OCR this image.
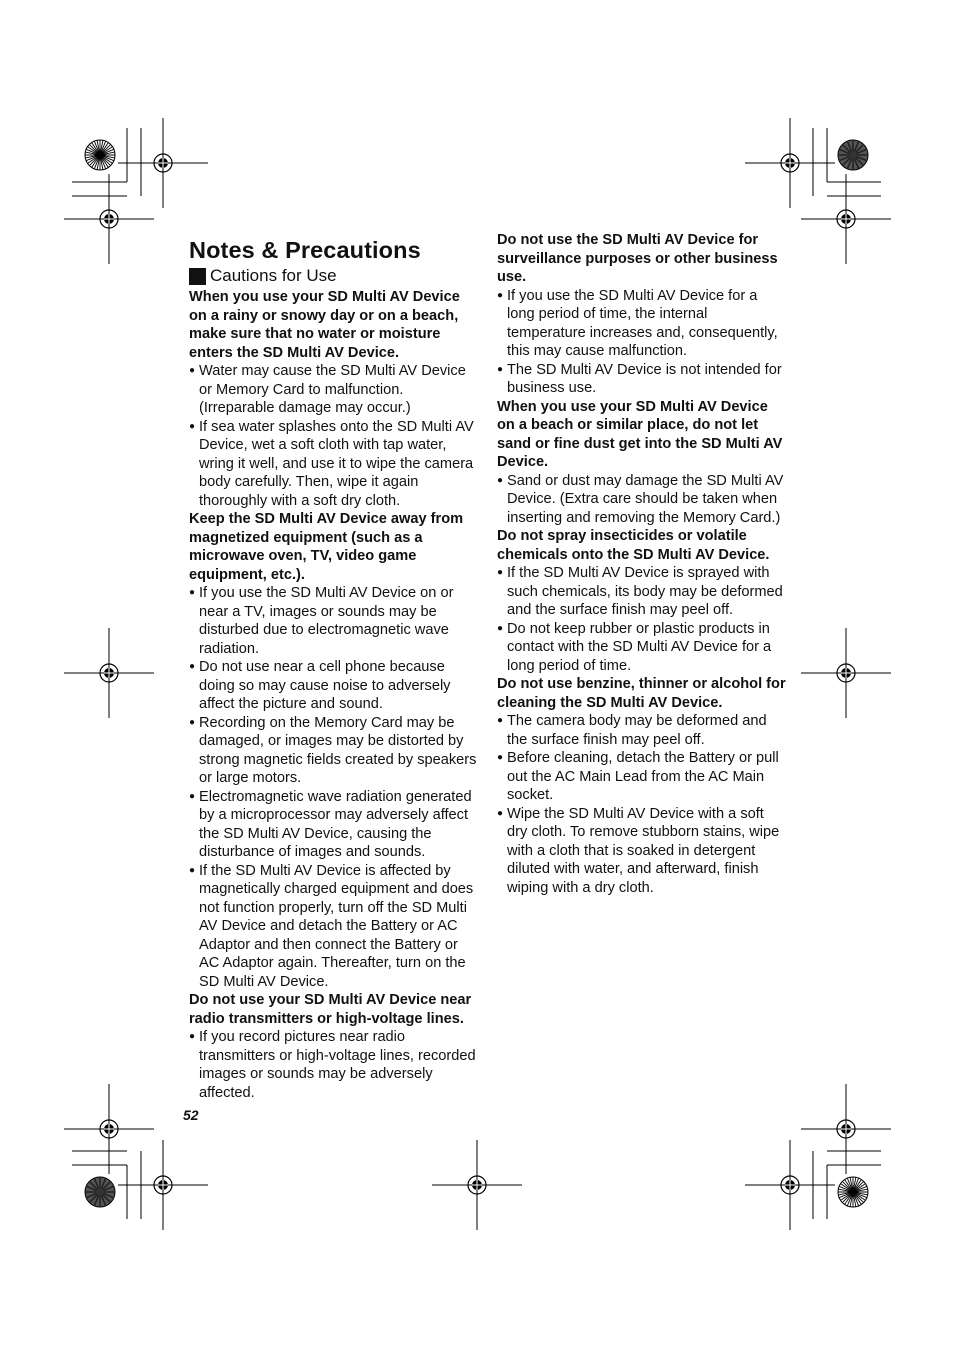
Notes & Precautions
Cautions for Use

When you use your SD Multi AV Device on a rainy or snowy day or on a beach, make sure that no water or moisture enters the SD Multi AV Device.

● Water may cause the SD Multi AV Device or Memory Card to malfunction. (Irreparable damage may occur.)
● If sea water splashes onto the SD Multi AV Device, wet a soft cloth with tap water, wring it well, and use it to wipe the camera body carefully. Then, wipe it again thoroughly with a soft dry cloth.

Keep the SD Multi AV Device away from magnetized equipment (such as a microwave oven, TV, video game equipment, etc.).

● If you use the SD Multi AV Device on or near a TV, images or sounds may be disturbed due to electromagnetic wave radiation.
● Do not use near a cell phone because doing so may cause noise to adversely affect the picture and sound.
● Recording on the Memory Card may be damaged, or images may be distorted by strong magnetic fields created by speakers or large motors.
● Electromagnetic wave radiation generated by a microprocessor may adversely affect the SD Multi AV Device, causing the disturbance of images and sounds.
● If the SD Multi AV Device is affected by magnetically charged equipment and does not function properly, turn off the SD Multi AV Device and detach the Battery or AC Adaptor and then connect the Battery or AC Adaptor again. Thereafter, turn on the SD Multi AV Device.

Do not use your SD Multi AV Device near radio transmitters or high-voltage lines.

● If you record pictures near radio transmitters or high-voltage lines, recorded images or sounds may be adversely affected.

Do not use the SD Multi AV Device for surveillance purposes or other business use.

● If you use the SD Multi AV Device for a long period of time, the internal temperature increases and, consequently, this may cause malfunction.
● The SD Multi AV Device is not intended for business use.

When you use your SD Multi AV Device on a beach or similar place, do not let sand or fine dust get into the SD Multi AV Device.

● Sand or dust may damage the SD Multi AV Device. (Extra care should be taken when inserting and removing the Memory Card.)

Do not spray insecticides or volatile chemicals onto the SD Multi AV Device.

● If the SD Multi AV Device is sprayed with such chemicals, its body may be deformed and the surface finish may peel off.
● Do not keep rubber or plastic products in contact with the SD Multi AV Device for a long period of time.

Do not use benzine, thinner or alcohol for cleaning the SD Multi AV Device.

● The camera body may be deformed and the surface finish may peel off.
● Before cleaning, detach the Battery or pull out the AC Main Lead from the AC Main socket.
● Wipe the SD Multi AV Device with a soft dry cloth. To remove stubborn stains, wipe with a cloth that is soaked in detergent diluted with water, and afterward, finish wiping with a dry cloth.
52
